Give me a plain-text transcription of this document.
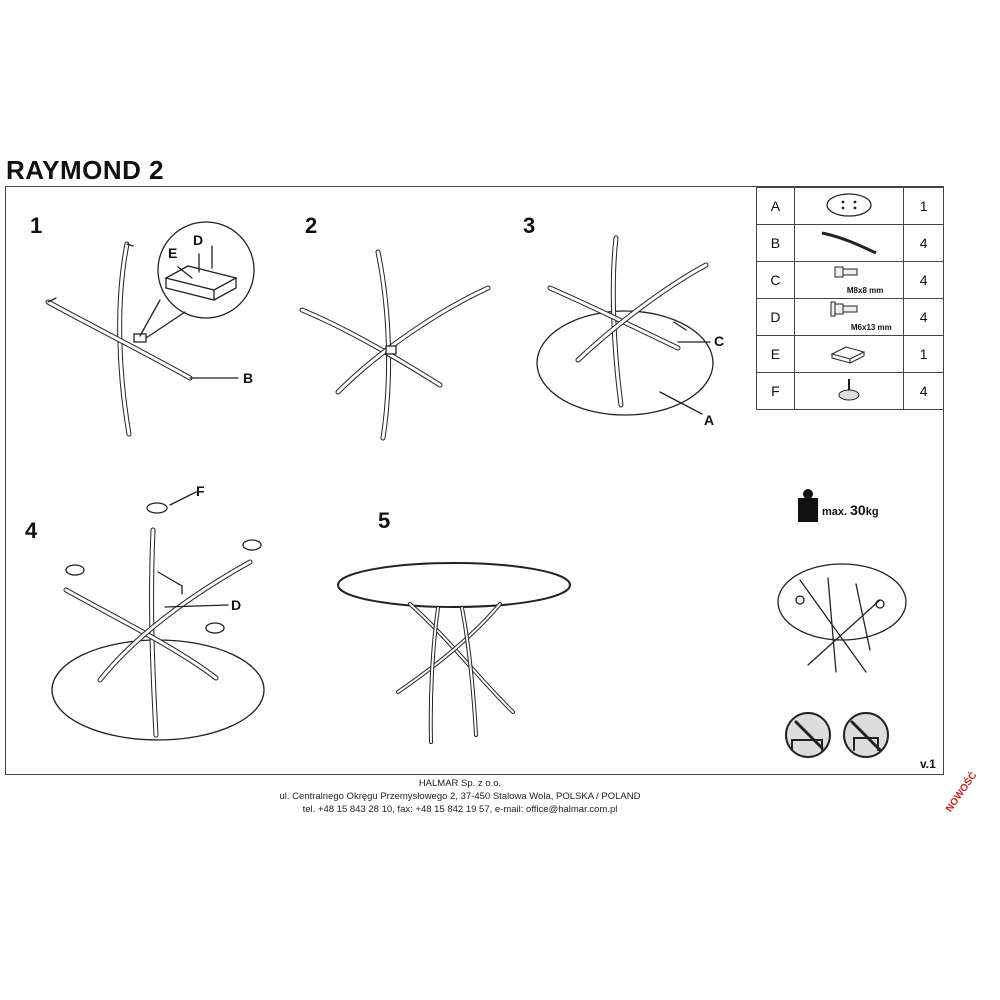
RAYMOND 2
1	2	3
4	5
D
E
B
C
A
F
D
A		1
B		4
C	M8x8 mm	4
D	M6x13 mm	4
E		1
F		4
max. 30kg
v.1
HALMAR Sp. z o.o.
ul. Centralnego Okręgu Przemysłowego 2, 37-450 Stalowa Wola, POLSKA / POLAND
tel. +48 15 843 28 10, fax: +48 15 842 19 57, e-mail: office@halmar.com.pl	NOWOŚĆ
